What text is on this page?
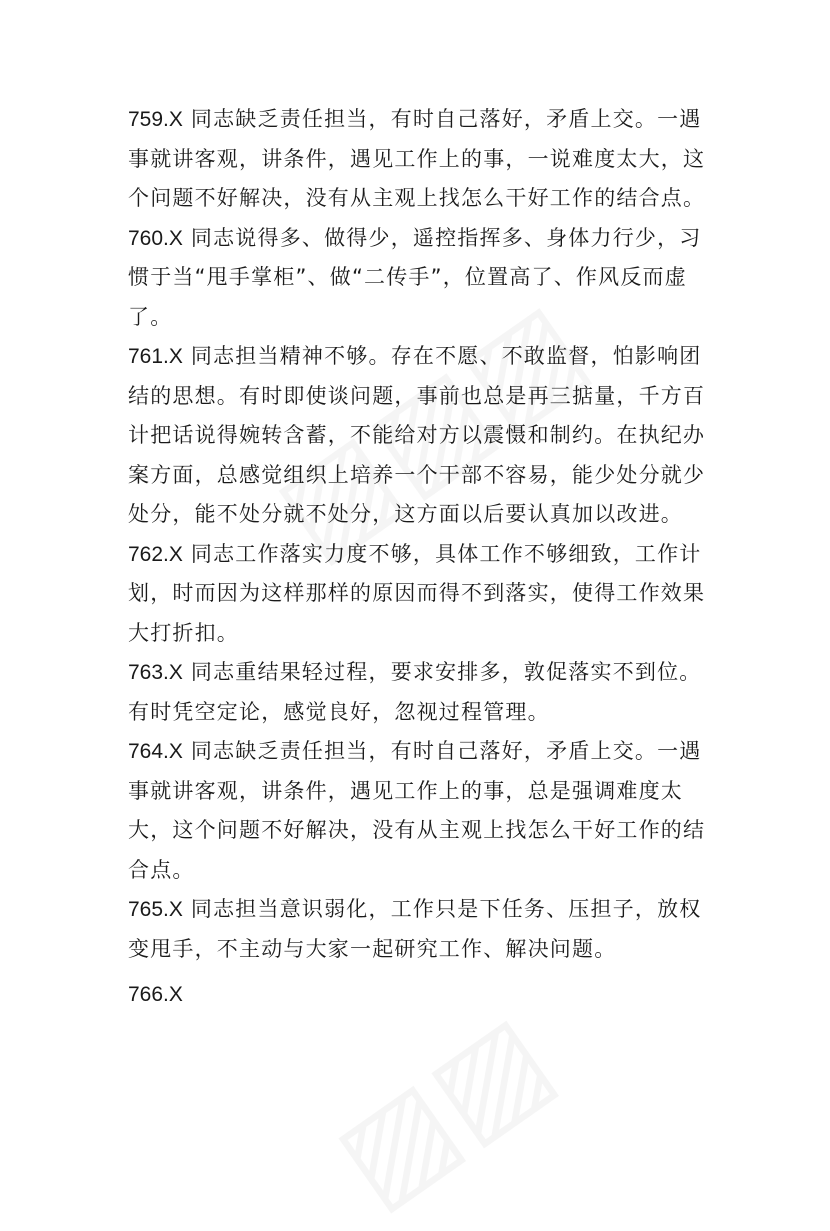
759.X 同志缺乏责任担当，有时自己落好，矛盾上交。一遇事就讲客观，讲条件，遇见工作上的事，一说难度太大，这个问题不好解决，没有从主观上找怎么干好工作的结合点。

760.X 同志说得多、做得少，遥控指挥多、身体力行少，习惯于当“甩手掌柜”、做“二传手”，位置高了、作风反而虚了。

761.X 同志担当精神不够。存在不愿、不敢监督，怕影响团结的思想。有时即使谈问题，事前也总是再三掂量，千方百计把话说得婉转含蓄，不能给对方以震慑和制约。在执纪办案方面，总感觉组织上培养一个干部不容易，能少处分就少处分，能不处分就不处分，这方面以后要认真加以改进。

762.X 同志工作落实力度不够，具体工作不够细致，工作计划，时而因为这样那样的原因而得不到落实，使得工作效果大打折扣。

763.X 同志重结果轻过程，要求安排多，敦促落实不到位。有时凭空定论，感觉良好，忽视过程管理。

764.X 同志缺乏责任担当，有时自己落好，矛盾上交。一遇事就讲客观，讲条件，遇见工作上的事，总是强调难度太大，这个问题不好解决，没有从主观上找怎么干好工作的结合点。

765.X 同志担当意识弱化，工作只是下任务、压担子，放权变甩手，不主动与大家一起研究工作、解决问题。

766.X
